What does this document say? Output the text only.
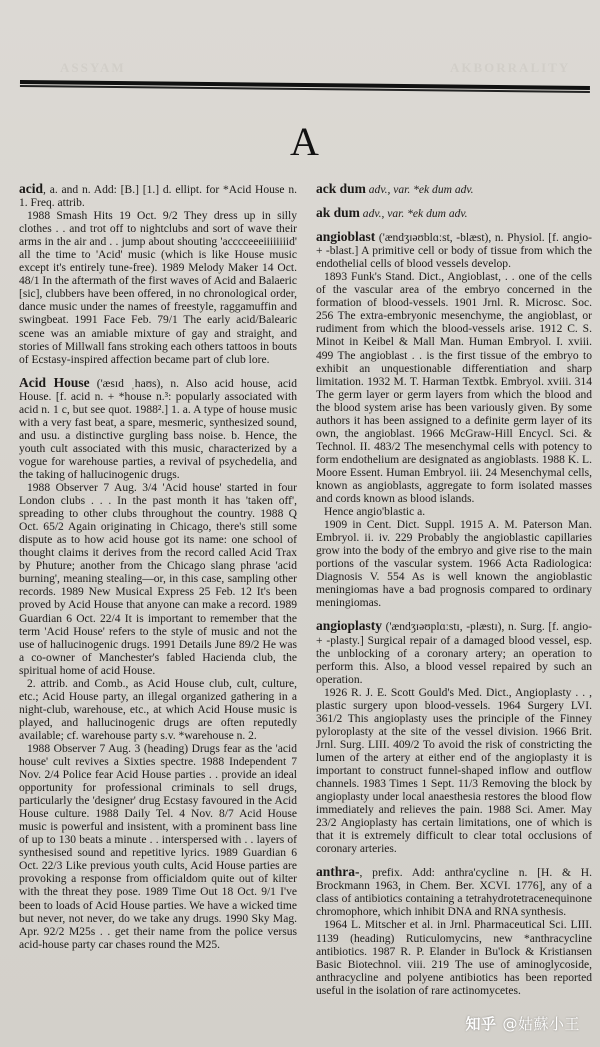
ASSYAM	AKBORRALITY
A

acid, a. and n. Add: [B.] [1.] d. ellipt. for *Acid House n. 1. Freq. attrib.

1988 Smash Hits 19 Oct. 9/2 They dress up in silly clothes . . and trot off to nightclubs and sort of wave their arms in the air and . . jump about shouting 'acccceeeiiiiiiiid' all the time to 'Acid' music (which is like House music except it's entirely tune-free). 1989 Melody Maker 14 Oct. 48/1 In the aftermath of the first waves of Acid and Balaeric [sic], clubbers have been offered, in no chronological order, dance music under the names of freestyle, raggamuffin and swingbeat. 1991 Face Feb. 79/1 The early acid/Balearic scene was an amiable mixture of gay and straight, and stories of Millwall fans stroking each others tattoos in bouts of Ecstasy-inspired affection became part of club lore.

Acid House ('æsɪd ˌhaʊs), n. Also acid house, acid House. [f. acid n. + *house n.³: popularly associated with acid n. 1 c, but see quot. 1988².] 1. a. A type of house music with a very fast beat, a spare, mesmeric, synthesized sound, and usu. a distinctive gurgling bass noise. b. Hence, the youth cult associated with this music, characterized by a vogue for warehouse parties, a revival of psychedelia, and the taking of hallucinogenic drugs.

1988 Observer 7 Aug. 3/4 'Acid house' started in four London clubs . . . In the past month it has 'taken off', spreading to other clubs throughout the country. 1988 Q Oct. 65/2 Again originating in Chicago, there's still some dispute as to how acid house got its name: one school of thought claims it derives from the record called Acid Trax by Phuture; another from the Chicago slang phrase 'acid burning', meaning stealing—or, in this case, sampling other records. 1989 New Musical Express 25 Feb. 12 It's been proved by Acid House that anyone can make a record. 1989 Guardian 6 Oct. 22/4 It is important to remember that the term 'Acid House' refers to the style of music and not the use of hallucinogenic drugs. 1991 Details June 89/2 He was a co-owner of Manchester's fabled Hacienda club, the spiritual home of acid House.

2. attrib. and Comb., as Acid House club, cult, culture, etc.; Acid House party, an illegal organized gathering in a night-club, warehouse, etc., at which Acid House music is played, and hallucinogenic drugs are often reputedly available; cf. warehouse party s.v. *warehouse n. 2.

1988 Observer 7 Aug. 3 (heading) Drugs fear as the 'acid house' cult revives a Sixties spectre. 1988 Independent 7 Nov. 2/4 Police fear Acid House parties . . provide an ideal opportunity for professional criminals to sell drugs, particularly the 'designer' drug Ecstasy favoured in the Acid House culture. 1988 Daily Tel. 4 Nov. 8/7 Acid House music is powerful and insistent, with a prominent bass line of up to 130 beats a minute . . interspersed with . . layers of synthesised sound and repetitive lyrics. 1989 Guardian 6 Oct. 22/3 Like previous youth cults, Acid House parties are provoking a response from officialdom quite out of kilter with the threat they pose. 1989 Time Out 18 Oct. 9/1 I've been to loads of Acid House parties. We have a wicked time but never, not never, do we take any drugs. 1990 Sky Mag. Apr. 92/2 M25s . . get their name from the police versus acid-house party car chases round the M25.

ack dum adv., var. *ek dum adv.

ak dum adv., var. *ek dum adv.

angioblast ('ændʒɪəʊblɑːst, -blæst), n. Physiol. [f. angio- + -blast.] A primitive cell or body of tissue from which the endothelial cells of blood vessels develop.

1893 Funk's Stand. Dict., Angioblast, . . one of the cells of the vascular area of the embryo concerned in the formation of blood-vessels. 1901 Jrnl. R. Microsc. Soc. 256 The extra-embryonic mesenchyme, the angioblast, or rudiment from which the blood-vessels arise. 1912 C. S. Minot in Keibel & Mall Man. Human Embryol. I. xviii. 499 The angioblast . . is the first tissue of the embryo to exhibit an unquestionable differentiation and sharp limitation. 1932 M. T. Harman Textbk. Embryol. xviii. 314 The germ layer or germ layers from which the blood and the blood system arise has been variously given. By some authors it has been assigned to a definite germ layer of its own, the angioblast. 1966 McGraw-Hill Encycl. Sci. & Technol. II. 483/2 The mesenchymal cells with potency to form endothelium are designated as angioblasts. 1988 K. L. Moore Essent. Human Embryol. iii. 24 Mesenchymal cells, known as angioblasts, aggregate to form isolated masses and cords known as blood islands.

Hence angio'blastic a.

1909 in Cent. Dict. Suppl. 1915 A. M. Paterson Man. Embryol. ii. iv. 229 Probably the angioblastic capillaries grow into the body of the embryo and give rise to the main portions of the vascular system. 1966 Acta Radiologica: Diagnosis V. 554 As is well known the angioblastic meningiomas have a bad prognosis compared to ordinary meningiomas.

angioplasty ('ændʒɪəʊplɑːstɪ, -plæstɪ), n. Surg. [f. angio- + -plasty.] Surgical repair of a damaged blood vessel, esp. the unblocking of a coronary artery; an operation to perform this. Also, a blood vessel repaired by such an operation.

1926 R. J. E. Scott Gould's Med. Dict., Angioplasty . . , plastic surgery upon blood-vessels. 1964 Surgery LVI. 361/2 This angioplasty uses the principle of the Finney pyloroplasty at the site of the vessel division. 1966 Brit. Jrnl. Surg. LIII. 409/2 To avoid the risk of constricting the lumen of the artery at either end of the angioplasty it is important to construct funnel-shaped inflow and outflow channels. 1983 Times 1 Sept. 11/3 Removing the block by angioplasty under local anaesthesia restores the blood flow immediately and relieves the pain. 1988 Sci. Amer. May 23/2 Angioplasty has certain limitations, one of which is that it is extremely difficult to clear total occlusions of coronary arteries.

anthra-, prefix. Add: anthra'cycline n. [H. & H. Brockmann 1963, in Chem. Ber. XCVI. 1776], any of a class of antibiotics containing a tetrahydrotetracenequinone chromophore, which inhibit DNA and RNA synthesis.

1964 L. Mitscher et al. in Jrnl. Pharmaceutical Sci. LIII. 1139 (heading) Ruticulomycins, new *anthracycline antibiotics. 1987 R. P. Elander in Bu'lock & Kristiansen Basic Biotechnol. viii. 219 The use of aminoglycoside, anthracycline and polyene antibiotics has been reported useful in the isolation of rare actinomycetes.

知乎 @姑蘇小王
